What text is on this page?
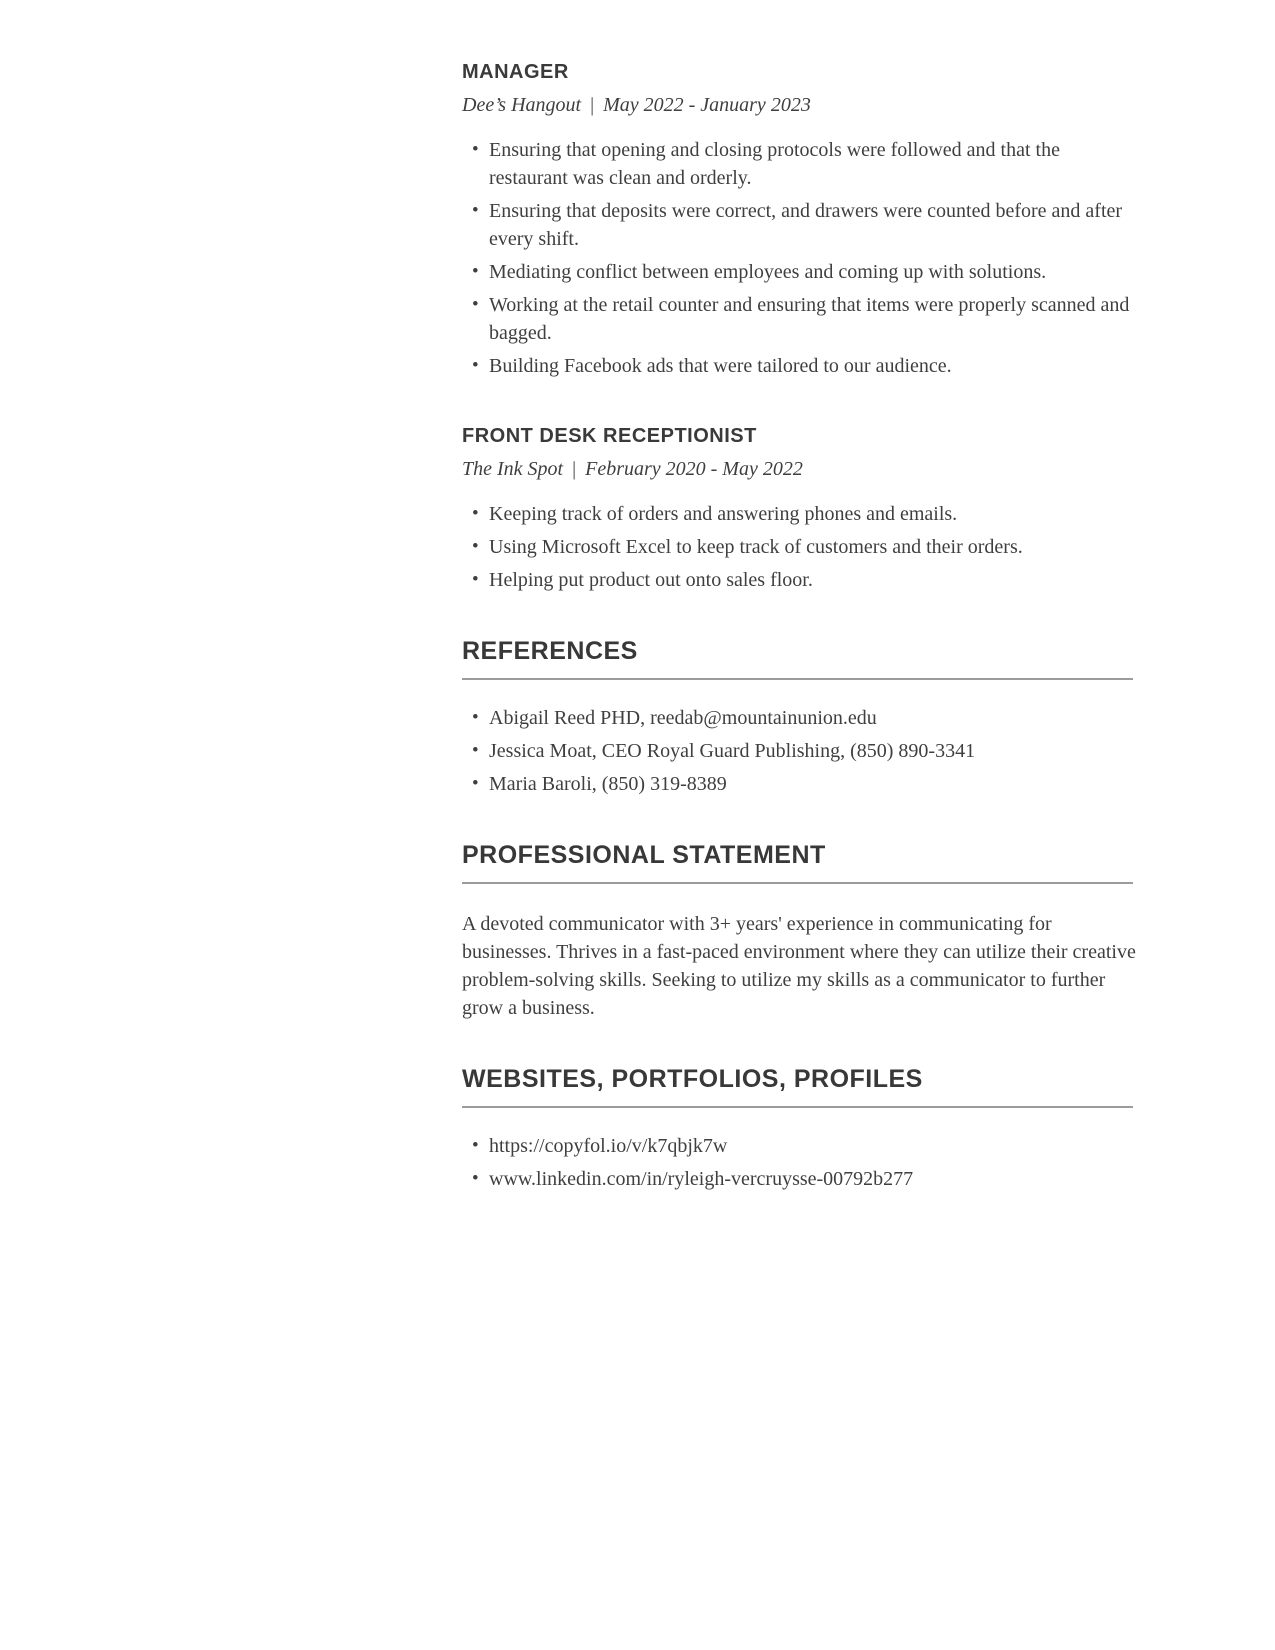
MANAGER

Dee’s Hangout | May 2022 - January 2023

• Ensuring that opening and closing protocols were followed and that the restaurant was clean and orderly.
• Ensuring that deposits were correct, and drawers were counted before and after every shift.
• Mediating conflict between employees and coming up with solutions.
• Working at the retail counter and ensuring that items were properly scanned and bagged.
• Building Facebook ads that were tailored to our audience.
FRONT DESK RECEPTIONIST

The Ink Spot | February 2020 - May 2022

• Keeping track of orders and answering phones and emails.
• Using Microsoft Excel to keep track of customers and their orders.
• Helping put product out onto sales floor.
REFERENCES
• Abigail Reed PHD, reedab@mountainunion.edu
• Jessica Moat, CEO Royal Guard Publishing, (850) 890-3341
• Maria Baroli, (850) 319-8389
PROFESSIONAL STATEMENT

A devoted communicator with 3+ years' experience in communicating for businesses. Thrives in a fast-paced environment where they can utilize their creative problem-solving skills. Seeking to utilize my skills as a communicator to further grow a business.

WEBSITES, PORTFOLIOS, PROFILES
• https://copyfol.io/v/k7qbjk7w
• www.linkedin.com/in/ryleigh-vercruysse-00792b277
